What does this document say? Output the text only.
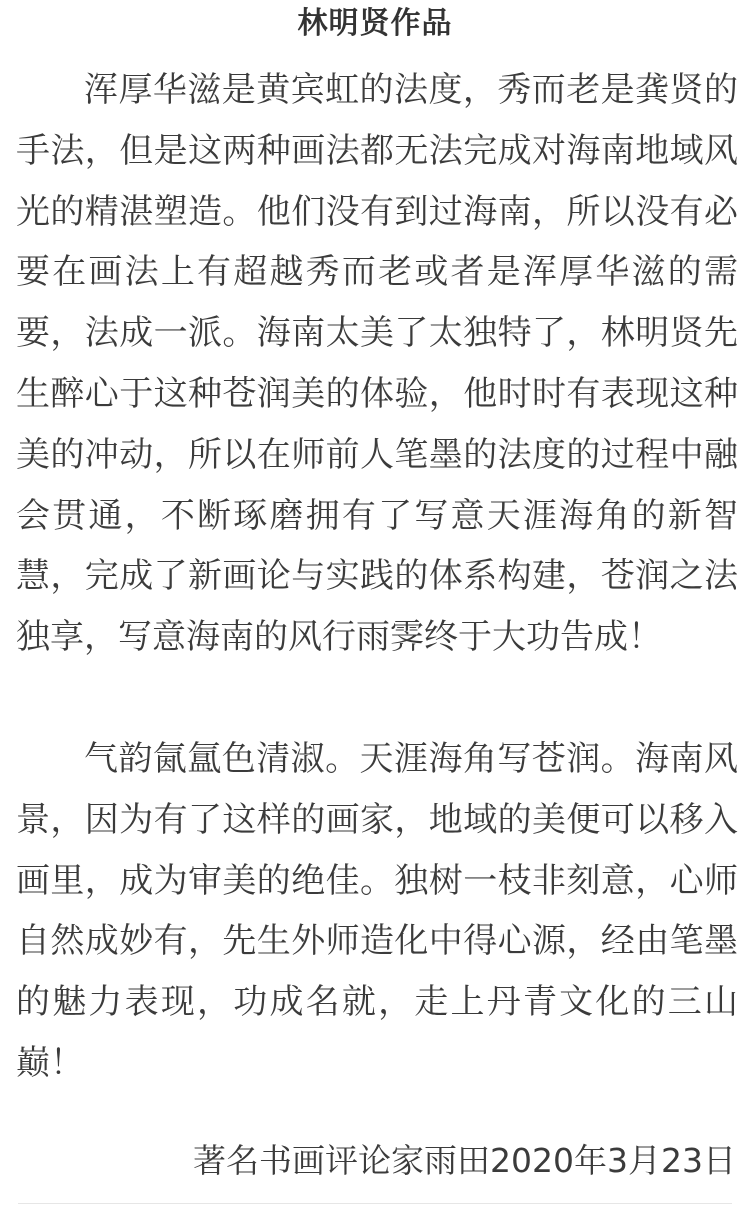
林明贤作品

浑厚华滋是黄宾虹的法度，秀而老是龚贤的手法，但是这两种画法都无法完成对海南地域风光的精湛塑造。他们没有到过海南，所以没有必要在画法上有超越秀而老或者是浑厚华滋的需要，法成一派。海南太美了太独特了，林明贤先生醉心于这种苍润美的体验，他时时有表现这种美的冲动，所以在师前人笔墨的法度的过程中融会贯通，不断琢磨拥有了写意天涯海角的新智慧，完成了新画论与实践的体系构建，苍润之法独享，写意海南的风行雨霁终于大功告成！

气韵氤氲色清淑。天涯海角写苍润。海南风景，因为有了这样的画家，地域的美便可以移入画里，成为审美的绝佳。独树一枝非刻意，心师自然成妙有，先生外师造化中得心源，经由笔墨的魅力表现，功成名就，走上丹青文化的三山巅！

著名书画评论家雨田2020年3月23日
